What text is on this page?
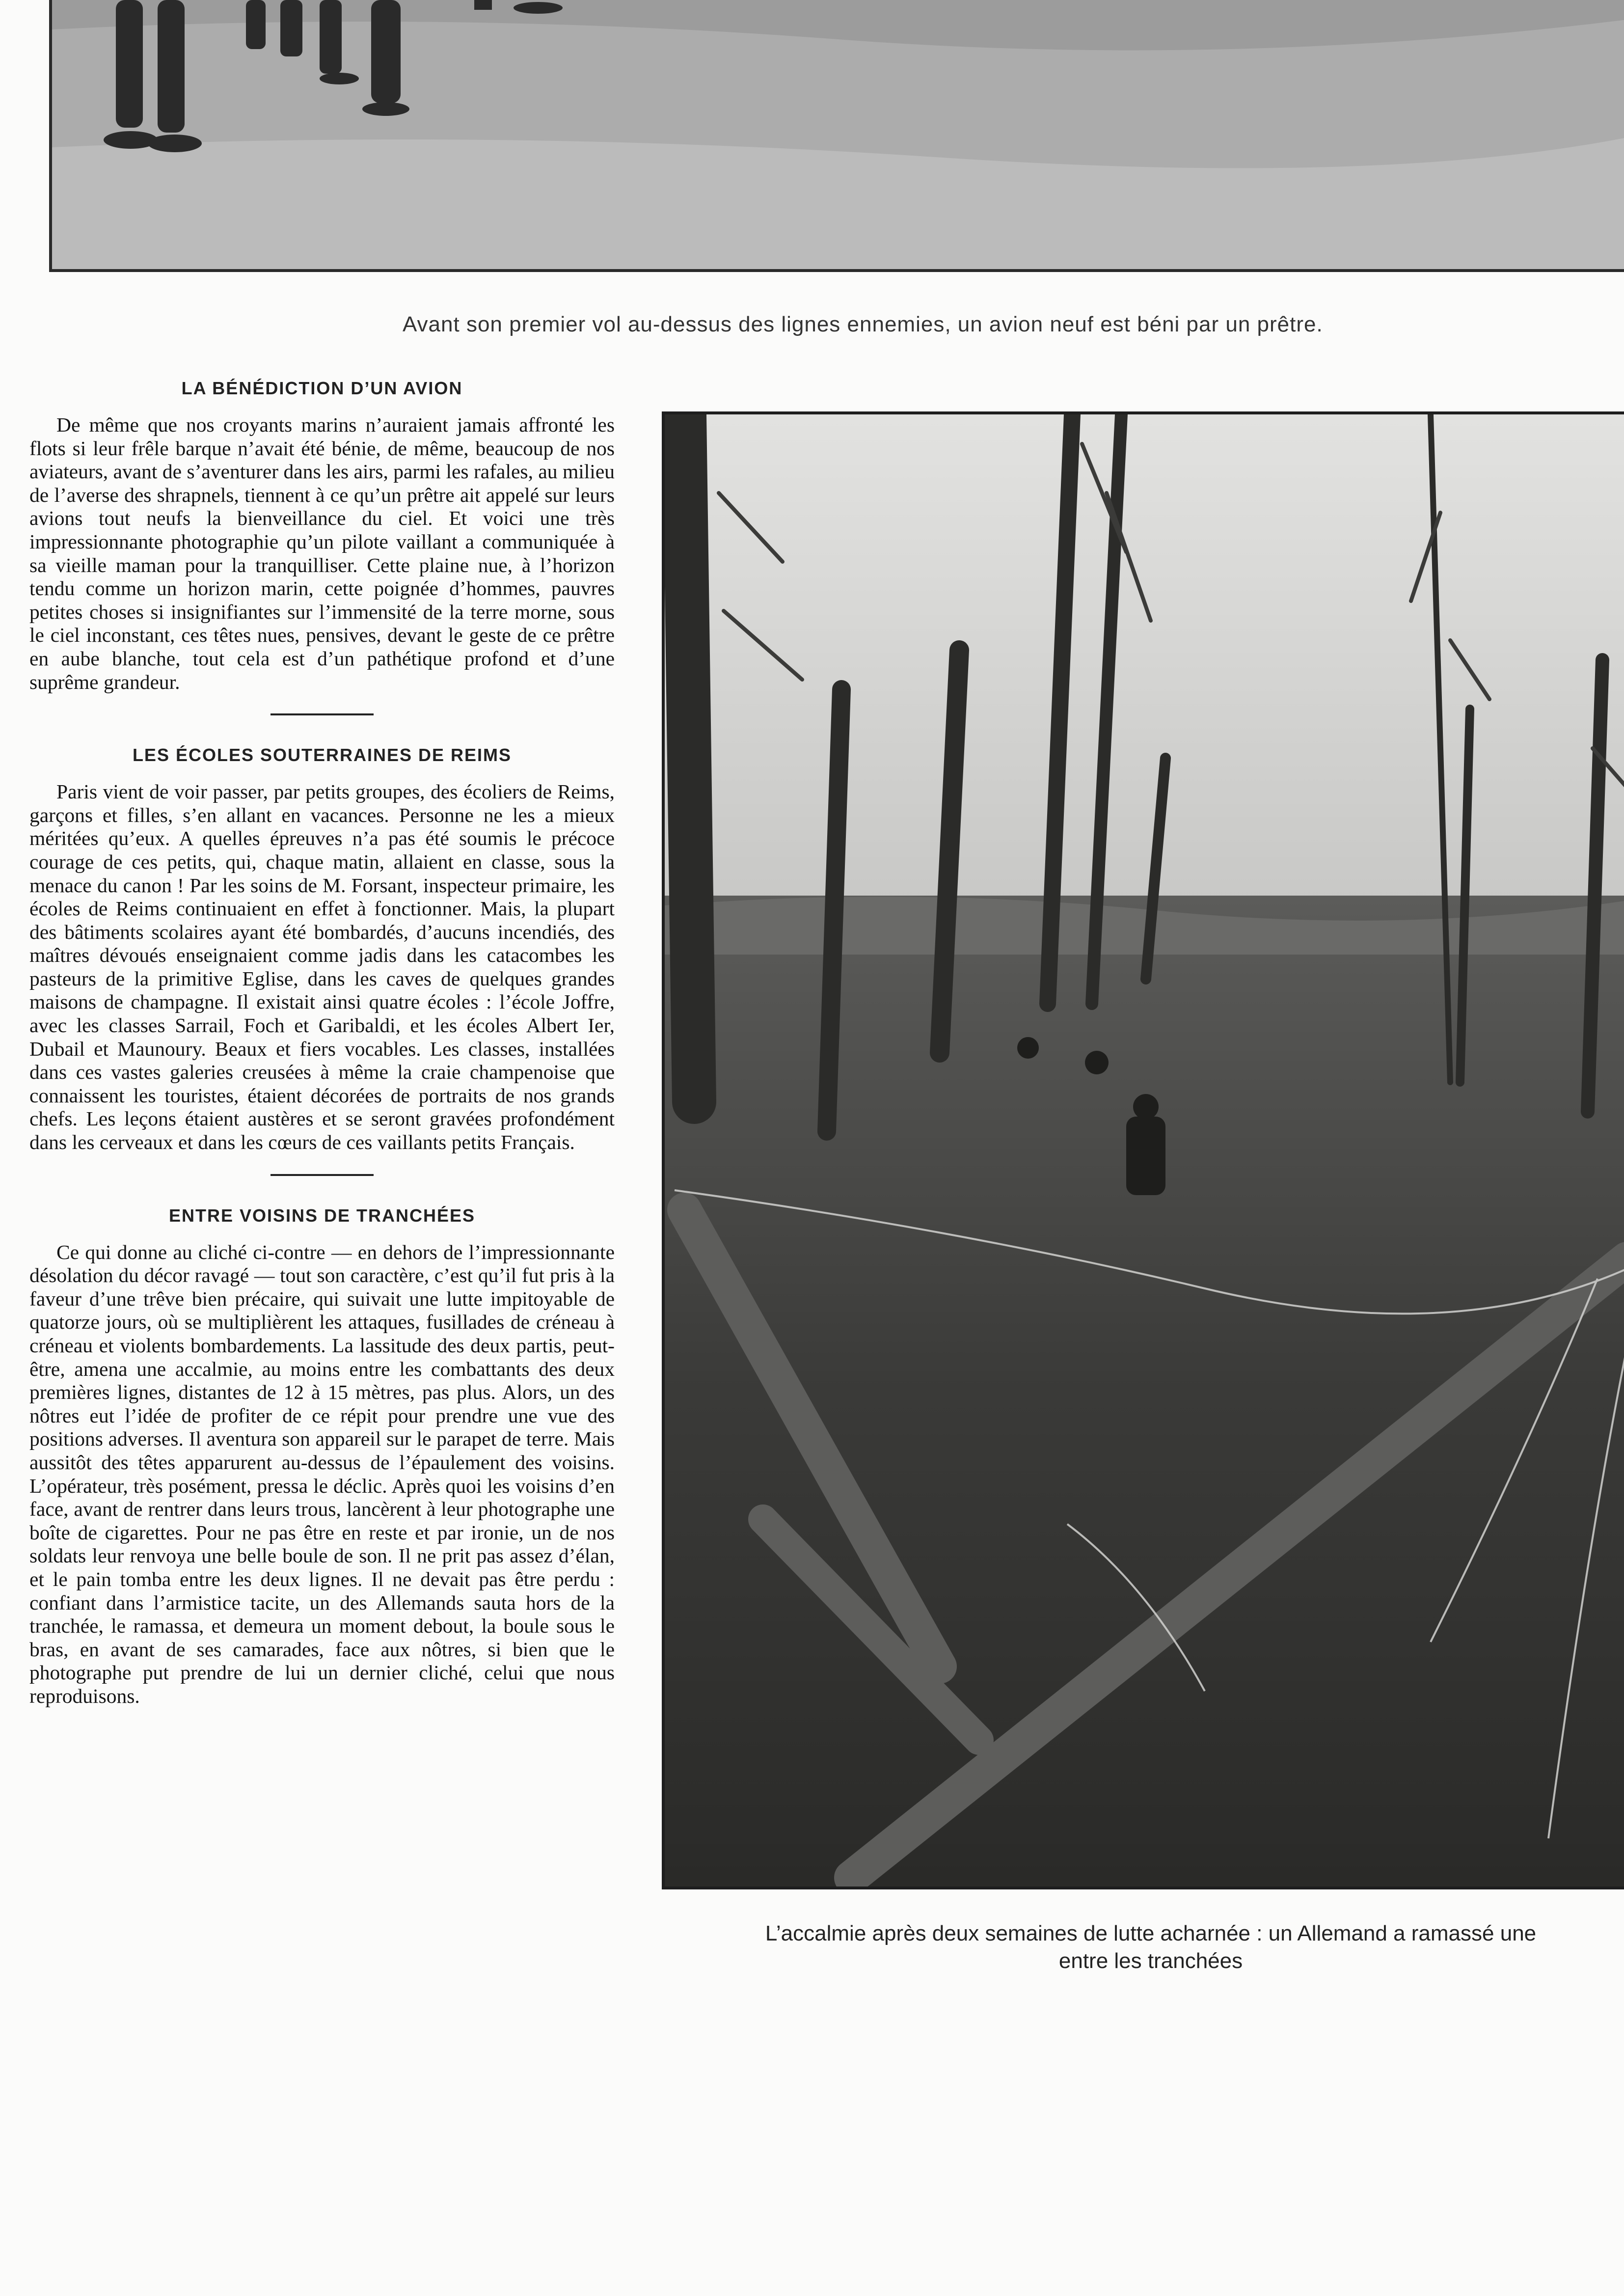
Avant son premier vol au-dessus des lignes ennemies, un avion neuf est béni par un prêtre.
LA BÉNÉDICTION D’UN AVION

De même que nos croyants marins n’auraient jamais affronté les flots si leur frêle barque n’avait été bénie, de même, beaucoup de nos aviateurs, avant de s’aventurer dans les airs, parmi les rafales, au milieu de l’averse des shrapnels, tiennent à ce qu’un prêtre ait appelé sur leurs avions tout neufs la bienveillance du ciel. Et voici une très impressionnante photographie qu’un pilote vaillant a communiquée à sa vieille maman pour la tranquilliser. Cette plaine nue, à l’horizon tendu comme un horizon marin, cette poignée d’hommes, pauvres petites choses si insignifiantes sur l’immensité de la terre morne, sous le ciel inconstant, ces têtes nues, pensives, devant le geste de ce prêtre en aube blanche, tout cela est d’un pathétique profond et d’une suprême grandeur.

LES ÉCOLES SOUTERRAINES DE REIMS

Paris vient de voir passer, par petits groupes, des écoliers de Reims, garçons et filles, s’en allant en vacances. Personne ne les a mieux méritées qu’eux. A quelles épreuves n’a pas été soumis le précoce courage de ces petits, qui, chaque matin, allaient en classe, sous la menace du canon ! Par les soins de M. Forsant, inspecteur primaire, les écoles de Reims continuaient en effet à fonctionner. Mais, la plupart des bâtiments scolaires ayant été bombardés, d’aucuns incendiés, des maîtres dévoués enseignaient comme jadis dans les catacombes les pasteurs de la primitive Eglise, dans les caves de quelques grandes maisons de champagne. Il existait ainsi quatre écoles : l’école Joffre, avec les classes Sarrail, Foch et Garibaldi, et les écoles Albert Ier, Dubail et Maunoury. Beaux et fiers vocables. Les classes, installées dans ces vastes galeries creusées à même la craie champenoise que connaissent les touristes, étaient décorées de portraits de nos grands chefs. Les leçons étaient austères et se seront gravées profondément dans les cerveaux et dans les cœurs de ces vaillants petits Français.

ENTRE VOISINS DE TRANCHÉES

Ce qui donne au cliché ci-contre — en dehors de l’impressionnante désolation du décor ravagé — tout son caractère, c’est qu’il fut pris à la faveur d’une trêve bien précaire, qui suivait une lutte impitoyable de quatorze jours, où se multiplièrent les attaques, fusillades de créneau à créneau et violents bombardements. La lassitude des deux partis, peut-être, amena une accalmie, au moins entre les combattants des deux premières lignes, distantes de 12 à 15 mètres, pas plus. Alors, un des nôtres eut l’idée de profiter de ce répit pour prendre une vue des positions adverses. Il aventura son appareil sur le parapet de terre. Mais aussitôt des têtes apparurent au-dessus de l’épaulement des voisins. L’opérateur, très posément, pressa le déclic. Après quoi les voisins d’en face, avant de rentrer dans leurs trous, lancèrent à leur photographe une boîte de cigarettes. Pour ne pas être en reste et par ironie, un de nos soldats leur renvoya une belle boule de son. Il ne prit pas assez d’élan, et le pain tomba entre les deux lignes. Il ne devait pas être perdu : confiant dans l’armistice tacite, un des Allemands sauta hors de la tranchée, le ramassa, et demeura un moment debout, la boule sous le bras, en avant de ses camarades, face aux nôtres, si bien que le photographe put prendre de lui un dernier cliché, celui que nous reproduisons.

L’accalmie après deux semaines de lutte acharnée : un Allemand a ramassé une
entre les tranchées
